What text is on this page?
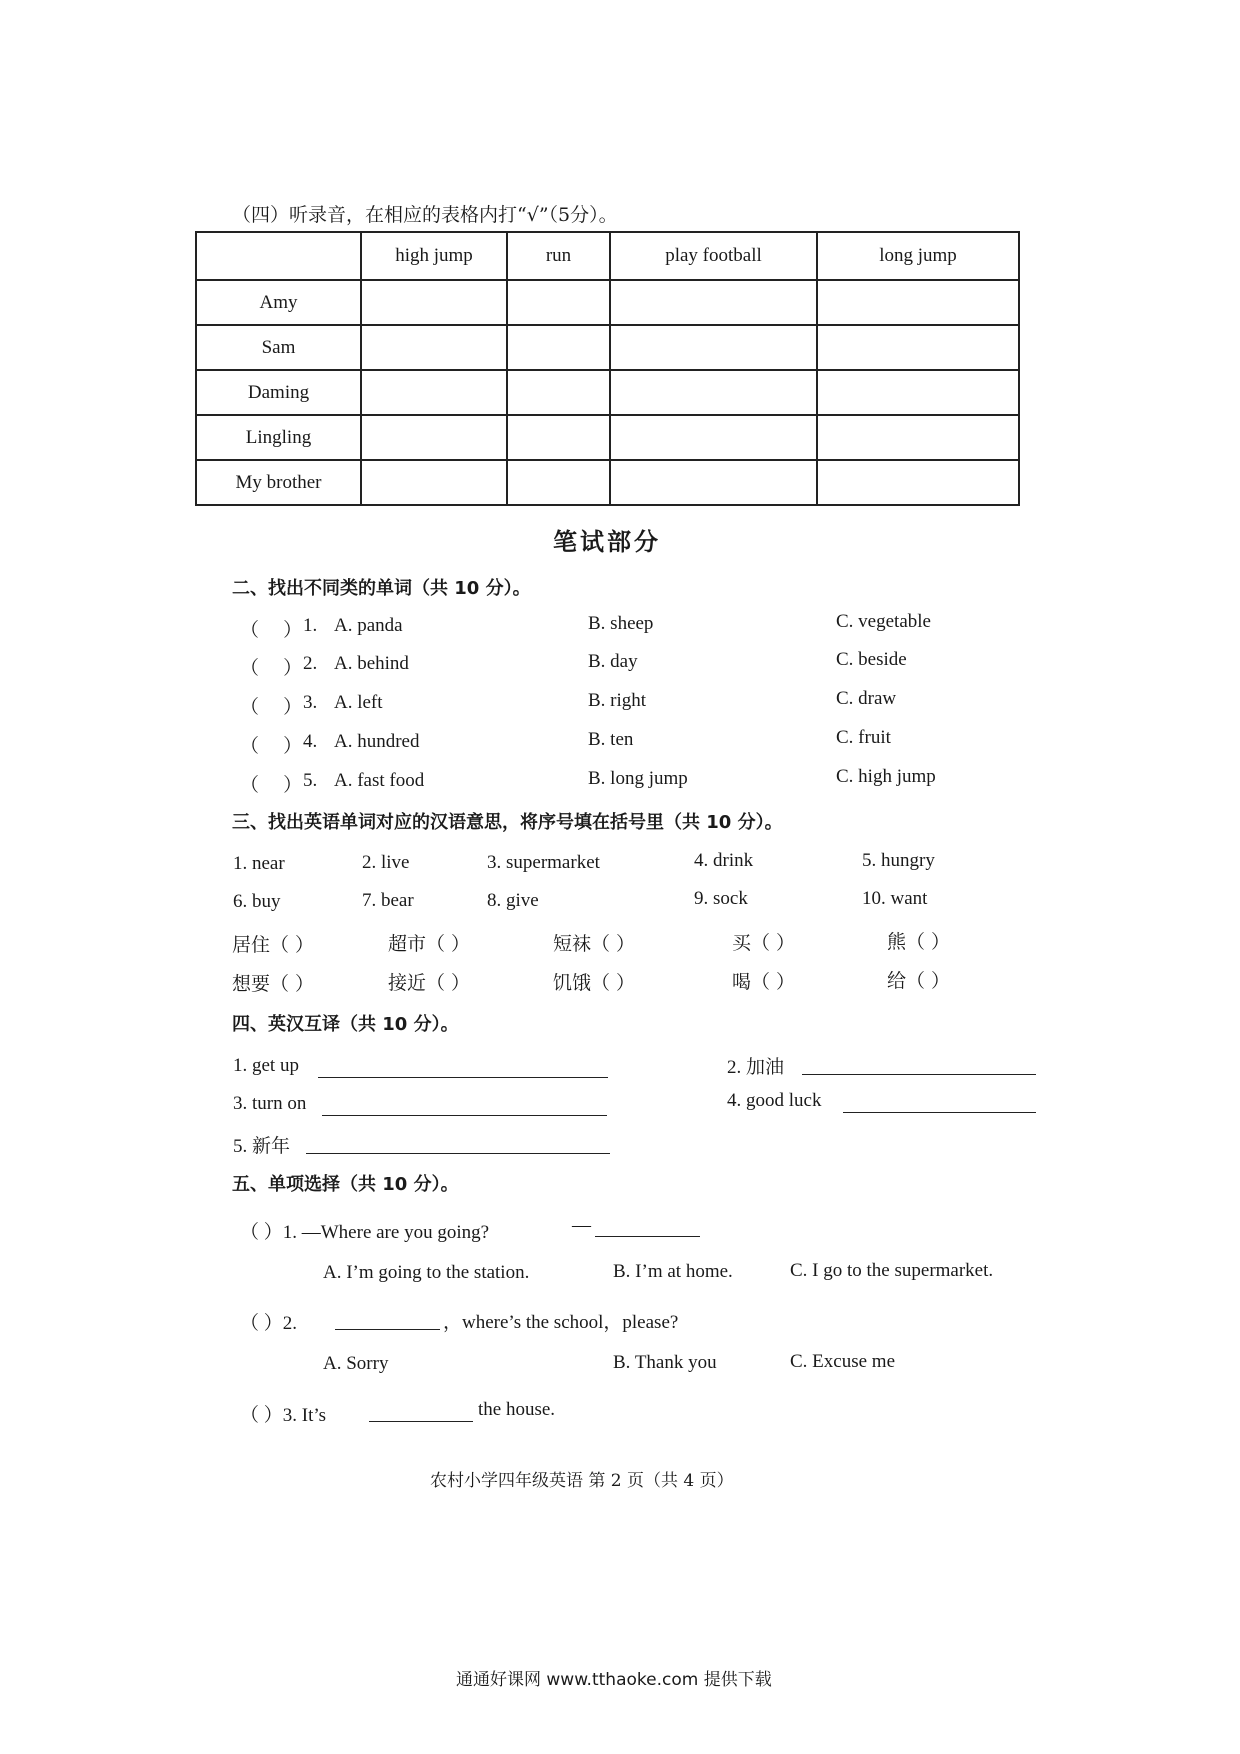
（四）听录音，在相应的表格内打“√”（5分）。
	high jump	run	play football	long jump
Amy				
Sam				
Daming				
Lingling				
My brother				
笔试部分
二、找出不同类的单词（共 10 分）。
（    ） 1. A. panda	B. sheep	C. vegetable
（    ） 2. A. behind	B. day	C. beside
（    ） 3. A. left	B. right	C. draw
（    ） 4. A. hundred	B. ten	C. fruit
（    ） 5. A. fast food	B. long jump	C. high jump
三、找出英语单词对应的汉语意思，将序号填在括号里（共 10 分）。
1. near	2. live	3. supermarket	4. drink	5. hungry
6. buy	7. bear	8. give	9. sock	10. want
居住（ ）	超市（ ）	短袜（ ）	买（ ）	熊（ ）
想要（ ）	接近（ ）	饥饿（ ）	喝（ ）	给（ ）
四、英汉互译（共 10 分）。
1. get up	2. 加油
3. turn on	4. good luck
5. 新年
五、单项选择（共 10 分）。
（ ）1. —Where are you going?	—
A. I’m going to the station.	B. I’m at home.	C. I go to the supermarket.
（ ）2.	，where’s the school，please?
A. Sorry	B. Thank you	C. Excuse me
（ ）3. It’s	the house.
农村小学四年级英语 第 2 页（共 4 页）
通通好课网 www.tthaoke.com 提供下载
